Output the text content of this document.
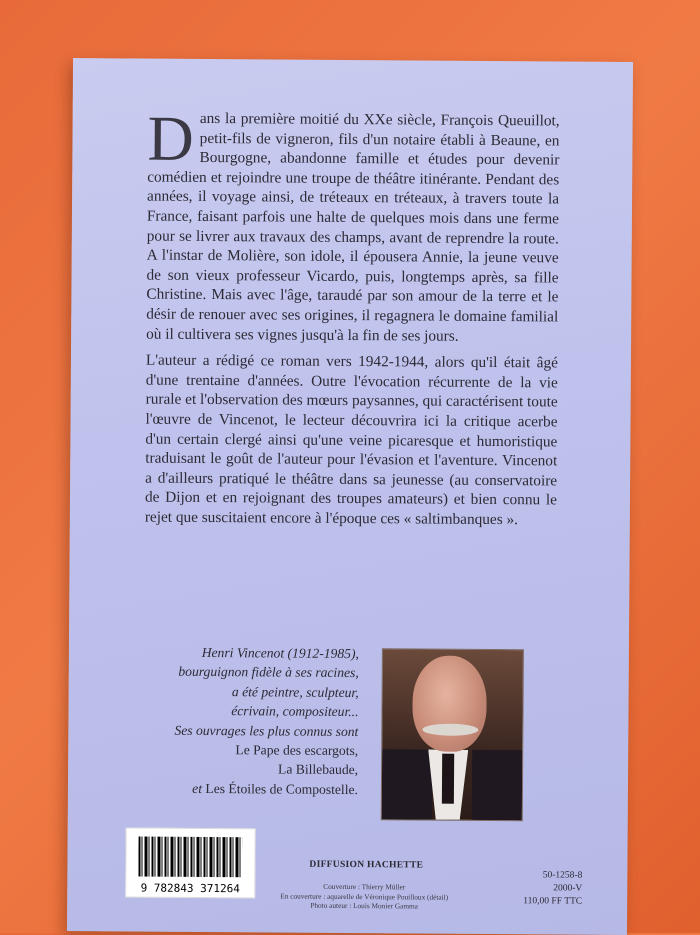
D ans la première moitié du XXe siècle, François Queuillot, petit-fils de vigneron, fils d'un notaire établi à Beaune, en Bourgogne, abandonne famille et études pour devenir comédien et rejoindre une troupe de théâtre itinérante. Pendant des années, il voyage ainsi, de tréteaux en tréteaux, à travers toute la France, faisant parfois une halte de quelques mois dans une ferme pour se livrer aux travaux des champs, avant de reprendre la route. A l'instar de Molière, son idole, il épousera Annie, la jeune veuve de son vieux professeur Vicardo, puis, longtemps après, sa fille Christine. Mais avec l'âge, taraudé par son amour de la terre et le désir de renouer avec ses origines, il regagnera le domaine familial où il cultivera ses vignes jusqu'à la fin de ses jours.

L'auteur a rédigé ce roman vers 1942-1944, alors qu'il était âgé d'une trentaine d'années. Outre l'évocation récurrente de la vie rurale et l'observation des mœurs paysannes, qui caractérisent toute l'œuvre de Vincenot, le lecteur découvrira ici la critique acerbe d'un certain clergé ainsi qu'une veine picaresque et humoristique traduisant le goût de l'auteur pour l'évasion et l'aventure. Vincenot a d'ailleurs pratiqué le théâtre dans sa jeunesse (au conservatoire de Dijon et en rejoignant des troupes amateurs) et bien connu le rejet que suscitaient encore à l'époque ces « saltimbanques ».

Henri Vincenot (1912-1985),
bourguignon fidèle à ses racines,
a été peintre, sculpteur,
écrivain, compositeur...
Ses ouvrages les plus connus sont
Le Pape des escargots,
La Billebaude,
et Les Étoiles de Compostelle.
9 782843 371264
DIFFUSION HACHETTE
Couverture : Thierry Müller
En couverture : aquarelle de Véronique Pouilloux (détail)
Photo auteur : Louis Monier Gamma
50-1258-8
2000-V
110,00 FF TTC
